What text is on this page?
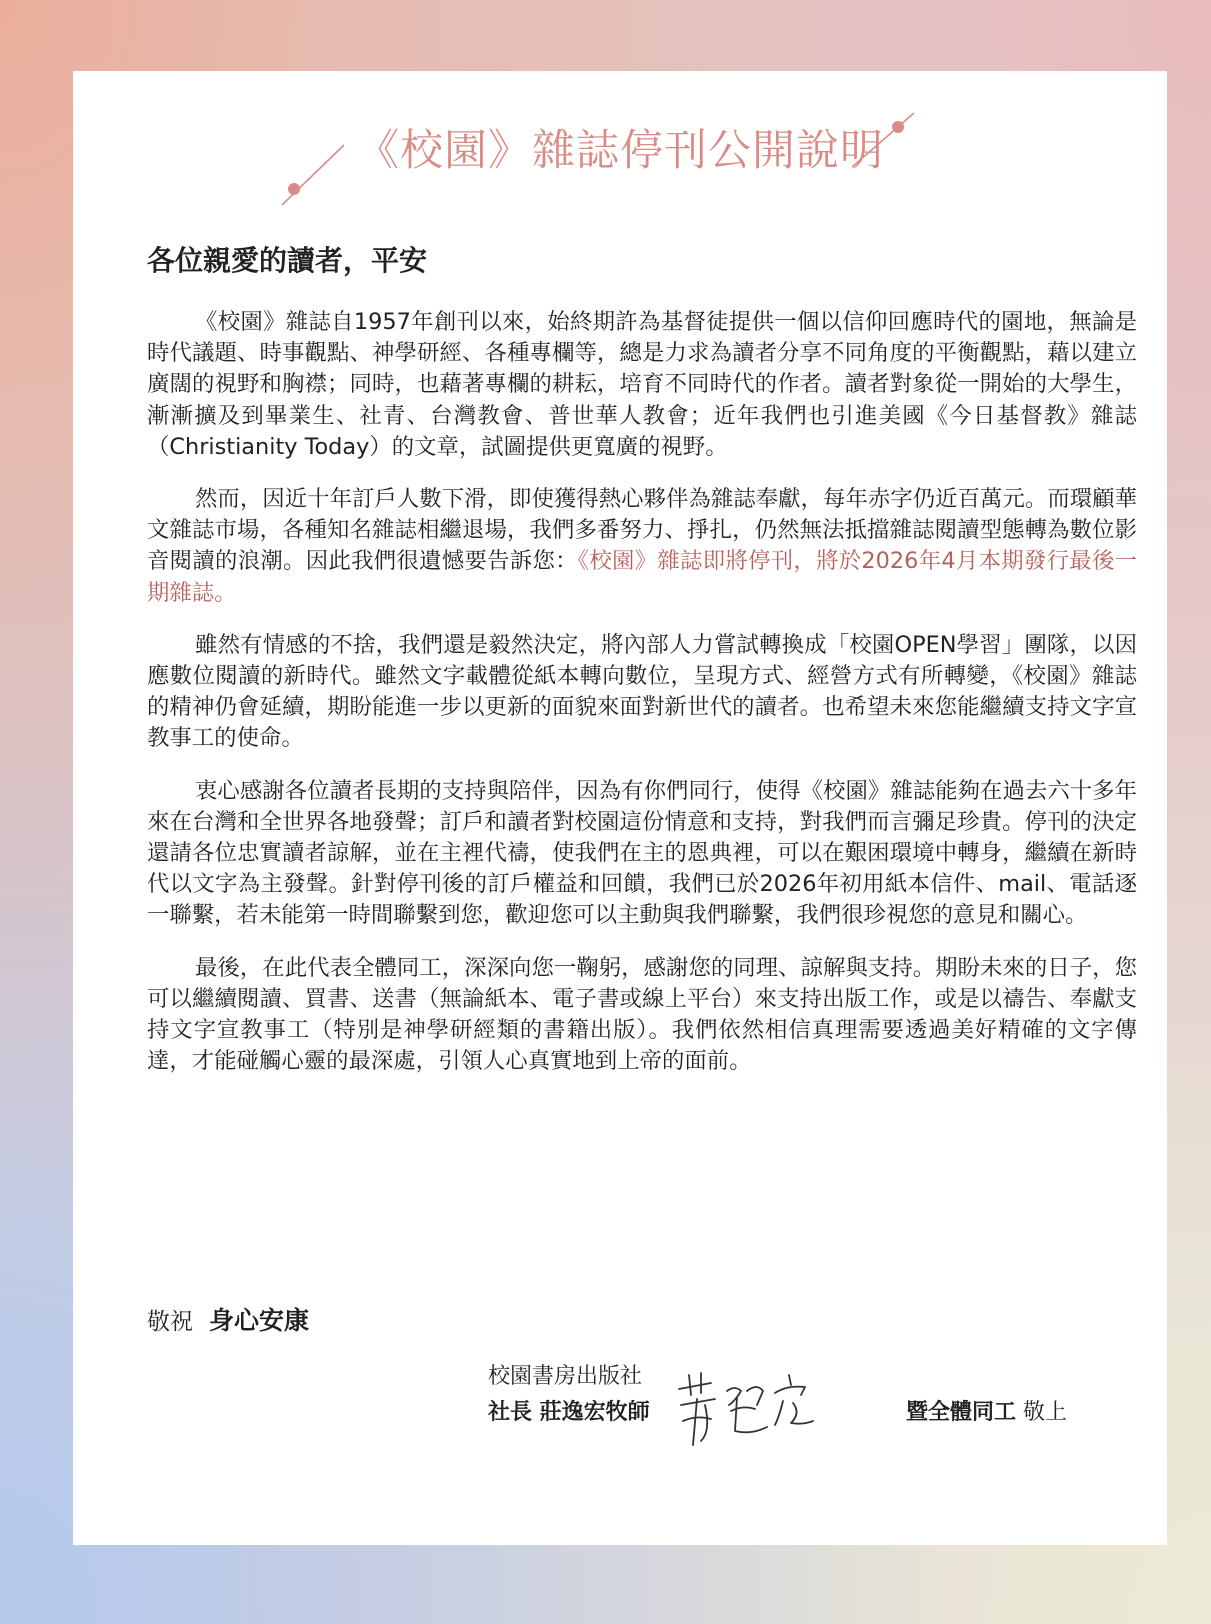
《校園》雜誌停刊公開說明
各位親愛的讀者，平安

《校園》雜誌自1957年創刊以來，始終期許為基督徒提供一個以信仰回應時代的園地，無論是時代議題、時事觀點、神學研經、各種專欄等，總是力求為讀者分享不同角度的平衡觀點，藉以建立廣闊的視野和胸襟；同時，也藉著專欄的耕耘，培育不同時代的作者。讀者對象從一開始的大學生，漸漸擴及到畢業生、社青、台灣教會、普世華人教會；近年我們也引進美國《今日基督教》雜誌（Christianity Today）的文章，試圖提供更寬廣的視野。

然而，因近十年訂戶人數下滑，即使獲得熱心夥伴為雜誌奉獻，每年赤字仍近百萬元。而環顧華文雜誌市場，各種知名雜誌相繼退場，我們多番努力、掙扎，仍然無法抵擋雜誌閱讀型態轉為數位影音閱讀的浪潮。因此我們很遺憾要告訴您：《校園》雜誌即將停刊，將於2026年4月本期發行最後一期雜誌。

雖然有情感的不捨，我們還是毅然決定，將內部人力嘗試轉換成「校園OPEN學習」團隊，以因應數位閱讀的新時代。雖然文字載體從紙本轉向數位，呈現方式、經營方式有所轉變，《校園》雜誌的精神仍會延續，期盼能進一步以更新的面貌來面對新世代的讀者。也希望未來您能繼續支持文字宣教事工的使命。

衷心感謝各位讀者長期的支持與陪伴，因為有你們同行，使得《校園》雜誌能夠在過去六十多年來在台灣和全世界各地發聲；訂戶和讀者對校園這份情意和支持，對我們而言彌足珍貴。停刊的決定還請各位忠實讀者諒解，並在主裡代禱，使我們在主的恩典裡，可以在艱困環境中轉身，繼續在新時代以文字為主發聲。針對停刊後的訂戶權益和回饋，我們已於2026年初用紙本信件、mail、電話逐一聯繫，若未能第一時間聯繫到您，歡迎您可以主動與我們聯繫，我們很珍視您的意見和關心。

最後，在此代表全體同工，深深向您一鞠躬，感謝您的同理、諒解與支持。期盼未來的日子，您可以繼續閱讀、買書、送書（無論紙本、電子書或線上平台）來支持出版工作，或是以禱告、奉獻支持文字宣教事工（特別是神學研經類的書籍出版）。我們依然相信真理需要透過美好精確的文字傳達，才能碰觸心靈的最深處，引領人心真實地到上帝的面前。

敬祝 身心安康
校園書房出版社
社長 莊逸宏牧師	暨全體同工 敬上
